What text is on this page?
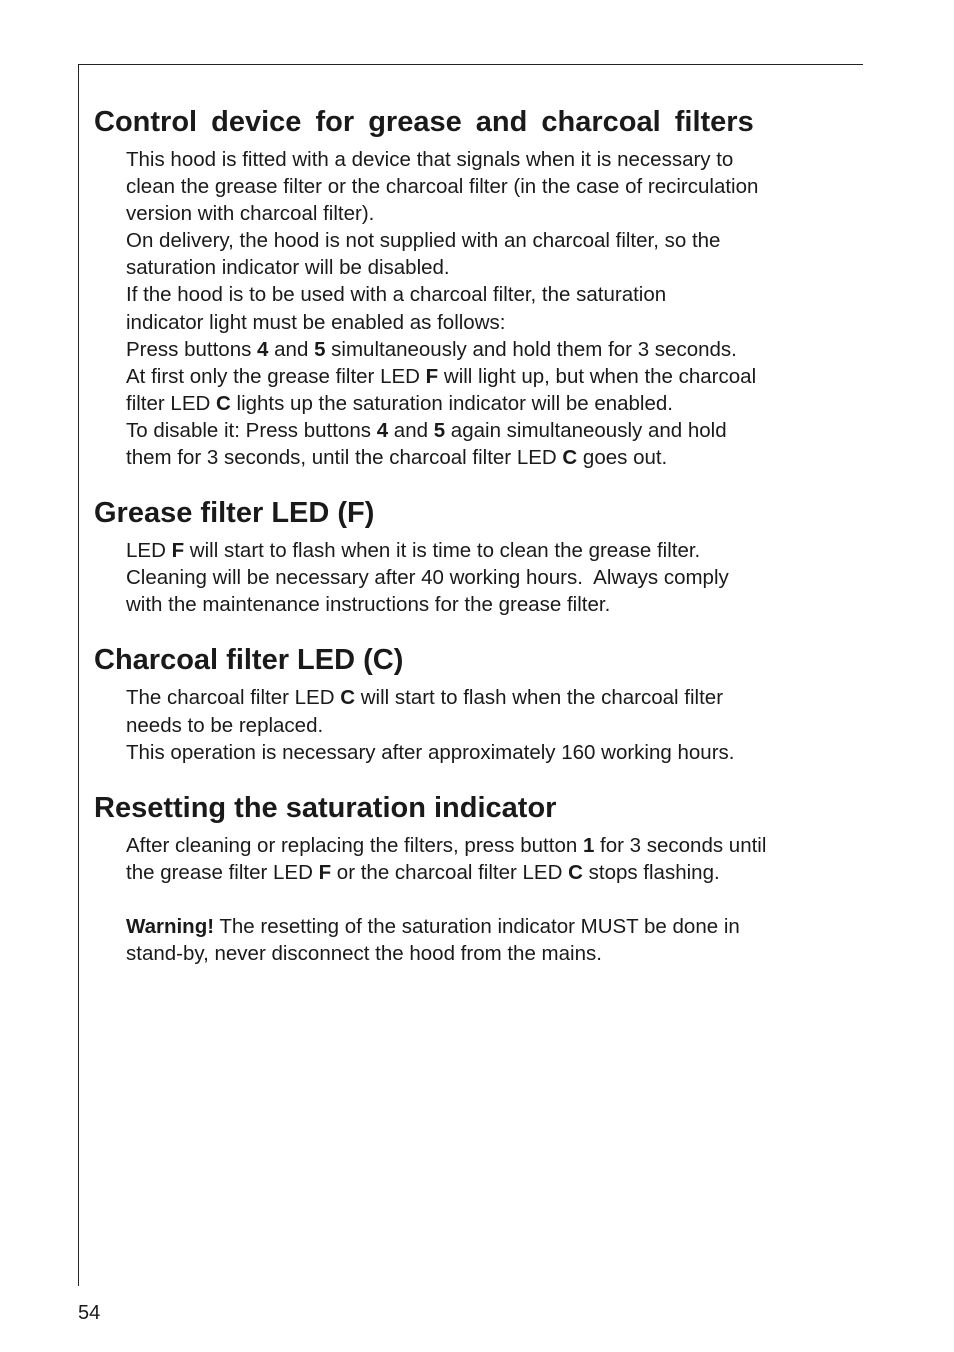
Control device for grease and charcoal filters
This hood is fitted with a device that signals when it is necessary to
clean the grease filter or the charcoal filter (in the case of recirculation
version with charcoal filter).
On delivery, the hood is not supplied with an charcoal filter, so the
saturation indicator will be disabled.
If the hood is to be used with a charcoal filter, the saturation
indicator light must be enabled as follows:
Press buttons 4 and 5 simultaneously and hold them for 3 seconds.
At first only the grease filter LED F will light up, but when the charcoal
filter LED C lights up the saturation indicator will be enabled.
To disable it: Press buttons 4 and 5 again simultaneously and hold
them for 3 seconds, until the charcoal filter LED C goes out.
Grease filter LED (F)
LED F will start to flash when it is time to clean the grease filter.
Cleaning will be necessary after 40 working hours.  Always comply
with the maintenance instructions for the grease filter.
Charcoal filter LED (C)
The charcoal filter LED C will start to flash when the charcoal filter
needs to be replaced.
This operation is necessary after approximately 160 working hours.
Resetting the saturation indicator
After cleaning or replacing the filters, press button 1 for 3 seconds until
the grease filter LED F or the charcoal filter LED C stops flashing.
Warning! The resetting of the saturation indicator MUST be done in
stand-by, never disconnect the hood from the mains.
54
